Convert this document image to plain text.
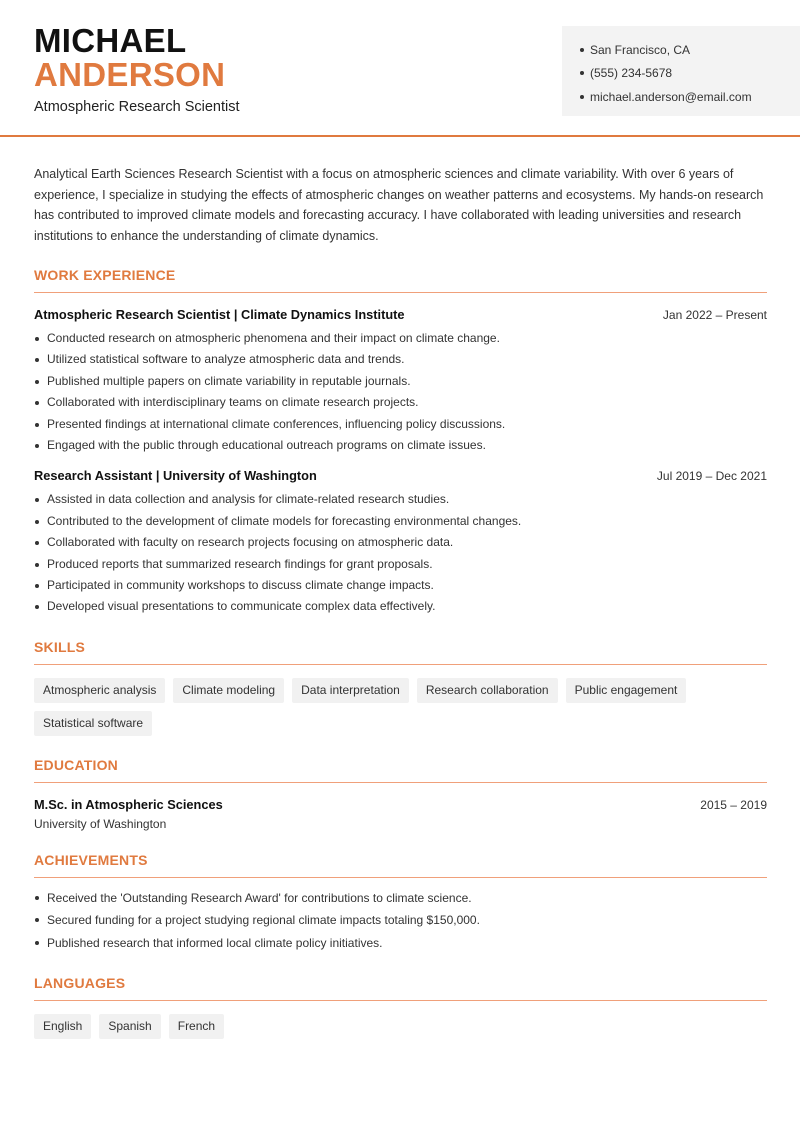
MICHAEL
ANDERSON
Atmospheric Research Scientist
San Francisco, CA
(555) 234-5678
michael.anderson@email.com

Analytical Earth Sciences Research Scientist with a focus on atmospheric sciences and climate variability. With over 6 years of experience, I specialize in studying the effects of atmospheric changes on weather patterns and ecosystems. My hands-on research has contributed to improved climate models and forecasting accuracy. I have collaborated with leading universities and research institutions to enhance the understanding of climate dynamics.

WORK EXPERIENCE
Atmospheric Research Scientist | Climate Dynamics Institute	Jan 2022 – Present
Conducted research on atmospheric phenomena and their impact on climate change.
Utilized statistical software to analyze atmospheric data and trends.
Published multiple papers on climate variability in reputable journals.
Collaborated with interdisciplinary teams on climate research projects.
Presented findings at international climate conferences, influencing policy discussions.
Engaged with the public through educational outreach programs on climate issues.
Research Assistant | University of Washington	Jul 2019 – Dec 2021
Assisted in data collection and analysis for climate-related research studies.
Contributed to the development of climate models for forecasting environmental changes.
Collaborated with faculty on research projects focusing on atmospheric data.
Produced reports that summarized research findings for grant proposals.
Participated in community workshops to discuss climate change impacts.
Developed visual presentations to communicate complex data effectively.
SKILLS
Atmospheric analysis	Climate modeling	Data interpretation	Research collaboration	Public engagement
Statistical software
EDUCATION
M.Sc. in Atmospheric Sciences	2015 – 2019
University of Washington
ACHIEVEMENTS
Received the 'Outstanding Research Award' for contributions to climate science.
Secured funding for a project studying regional climate impacts totaling $150,000.
Published research that informed local climate policy initiatives.
LANGUAGES
English	Spanish	French
